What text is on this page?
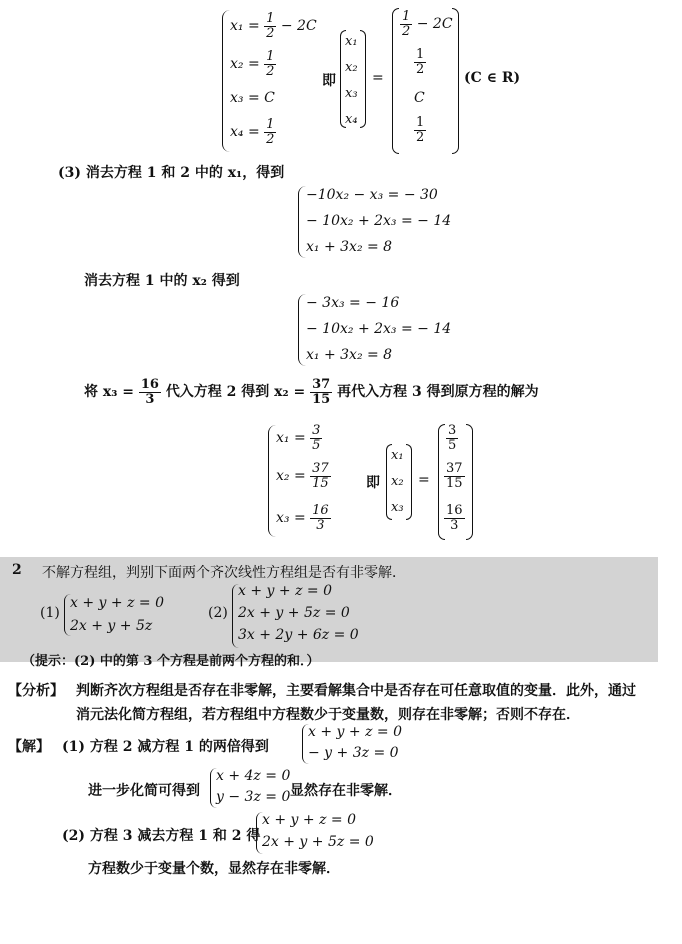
$x_1 = \frac{1}{2} - 2C$
$x_2 = \frac{1}{2}$
x₃ = C
$x_4 = \frac{1}{2}$
即
x₁
x₂
x₃
x₄
=
$\frac{1}{2} - 2C$
$\frac{1}{2}$
C
$\frac{1}{2}$
(C ∈ R)
(3) 消去方程 1 和 2 中的 x₁，得到
−10x₂ − x₃ = − 30
− 10x₂ + 2x₃ = − 14
x₁ + 3x₂ = 8
消去方程 1 中的 x₂ 得到
− 3x₃ = − 16
− 10x₂ + 2x₃ = − 14
x₁ + 3x₂ = 8
将 $x_3 = \frac{16}{3}$ 代入方程 2 得到 $x_2 = \frac{37}{15}$ 再代入方程 3 得到原方程的解为
$x_1 = \frac{3}{5}$
$x_2 = \frac{37}{15}$
$x_3 = \frac{16}{3}$
即
x₁
x₂
x₃
=
$\frac{3}{5}$
$\frac{37}{15}$
$\frac{16}{3}$
2 不解方程组，判别下面两个齐次线性方程组是否有非零解．
(1)
x + y + z = 0
2x + y + 5z
(2)
x + y + z = 0
2x + y + 5z = 0
3x + 2y + 6z = 0
（提示：(2) 中的第 3 个方程是前两个方程的和．）
【分析】 判断齐次方程组是否存在非零解，主要看解集合中是否存在可任意取值的变量．此外，通过
消元法化简方程组，若方程组中方程数少于变量数，则存在非零解；否则不存在．
【解】 (1) 方程 2 减方程 1 的两倍得到
x + y + z = 0
− y + 3z = 0
进一步化简可得到
x + 4z = 0
y − 3z = 0 显然存在非零解．
(2) 方程 3 减去方程 1 和 2 得
x + y + z = 0
2x + y + 5z = 0
方程数少于变量个数，显然存在非零解．
